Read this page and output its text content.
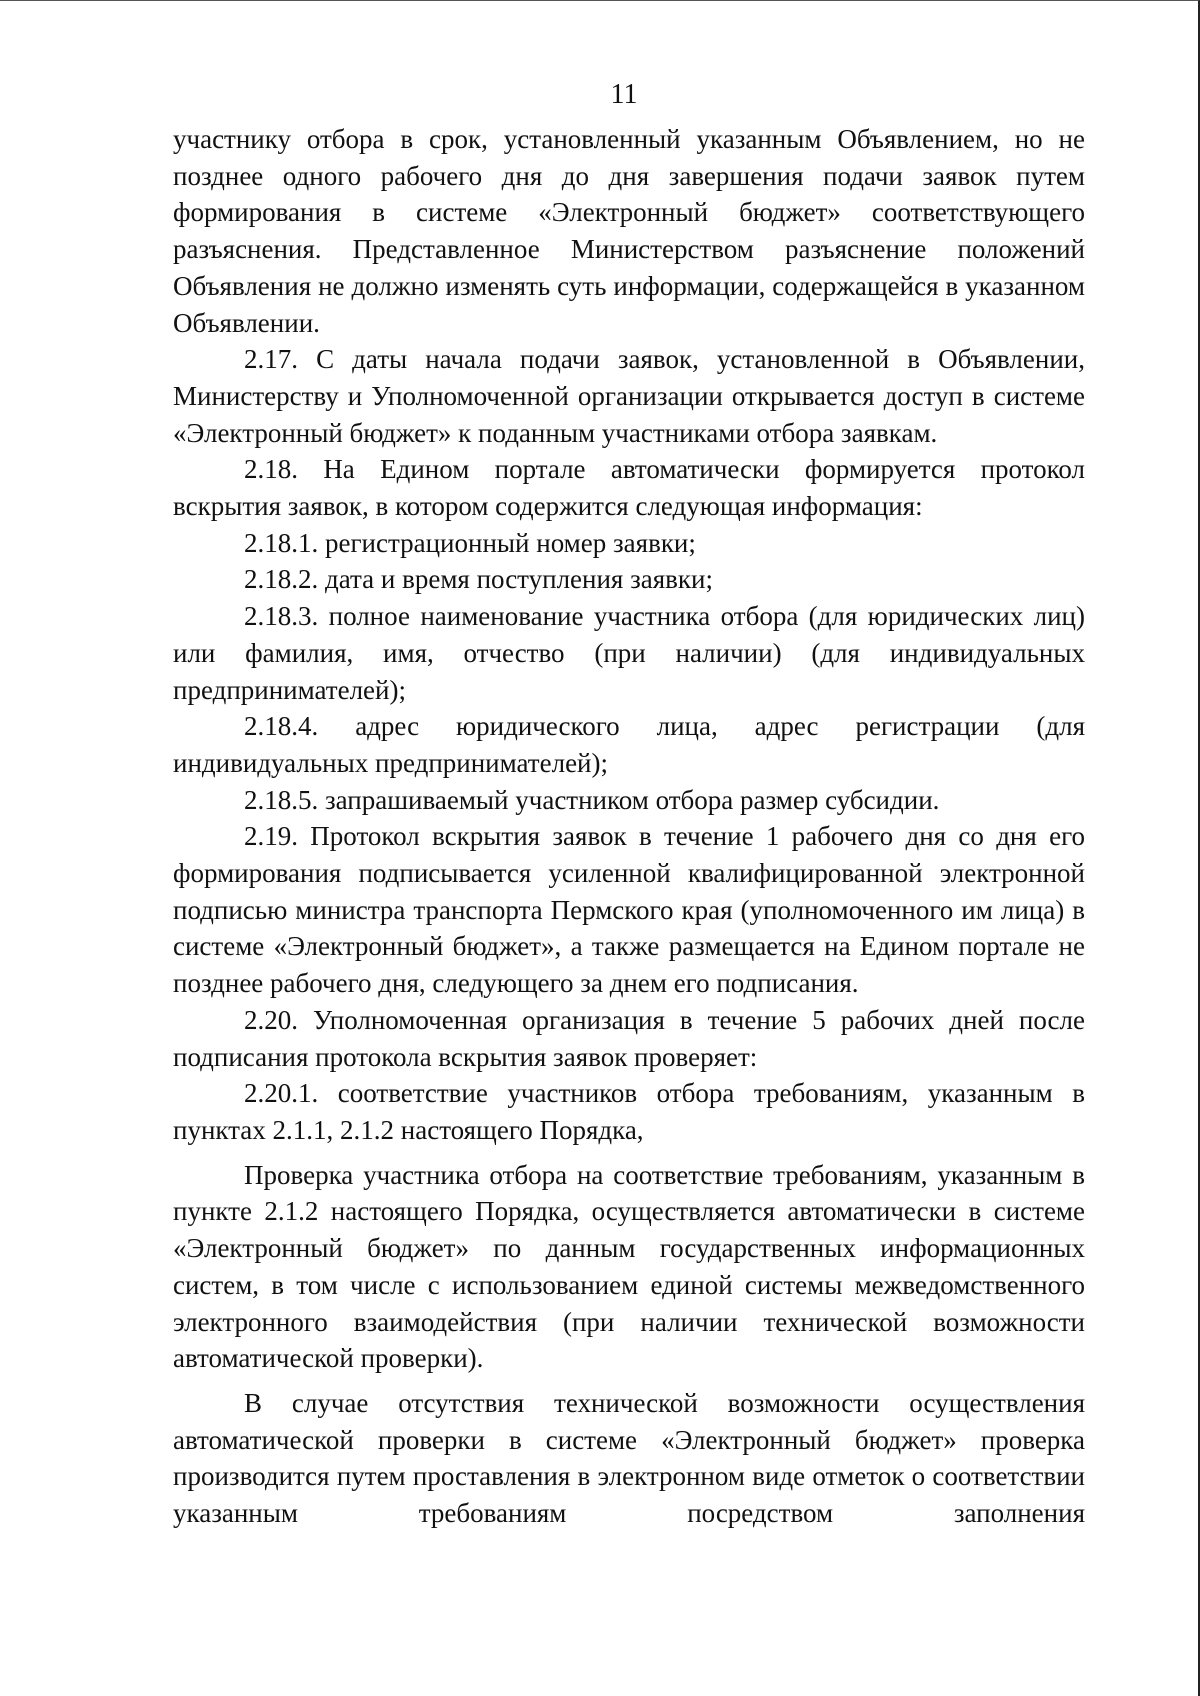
11

участнику отбора в срок, установленный указанным Объявлением, но не позднее одного рабочего дня до дня завершения подачи заявок путем формирования в системе «Электронный бюджет» соответствующего разъяснения. Представленное Министерством разъяснение положений Объявления не должно изменять суть информации, содержащейся в указанном Объявлении.

2.17. С даты начала подачи заявок, установленной в Объявлении, Министерству и Уполномоченной организации открывается доступ в системе «Электронный бюджет» к поданным участниками отбора заявкам.

2.18. На Едином портале автоматически формируется протокол вскрытия заявок, в котором содержится следующая информация:

2.18.1. регистрационный номер заявки;

2.18.2. дата и время поступления заявки;

2.18.3. полное наименование участника отбора (для юридических лиц) или фамилия, имя, отчество (при наличии) (для индивидуальных предпринимателей);

2.18.4. адрес юридического лица, адрес регистрации (для индивидуальных предпринимателей);

2.18.5. запрашиваемый участником отбора размер субсидии.

2.19. Протокол вскрытия заявок в течение 1 рабочего дня со дня его формирования подписывается усиленной квалифицированной электронной подписью министра транспорта Пермского края (уполномоченного им лица) в системе «Электронный бюджет», а также размещается на Едином портале не позднее рабочего дня, следующего за днем его подписания.

2.20. Уполномоченная организация в течение 5 рабочих дней после подписания протокола вскрытия заявок проверяет:

2.20.1. соответствие участников отбора требованиям, указанным в пунктах 2.1.1, 2.1.2 настоящего Порядка,

Проверка участника отбора на соответствие требованиям, указанным в пункте 2.1.2 настоящего Порядка, осуществляется автоматически в системе «Электронный бюджет» по данным государственных информационных систем, в том числе с использованием единой системы межведомственного электронного взаимодействия (при наличии технической возможности автоматической проверки).

В случае отсутствия технической возможности осуществления автоматической проверки в системе «Электронный бюджет» проверка производится путем проставления в электронном виде отметок о соответствии указанным требованиям посредством заполнения
